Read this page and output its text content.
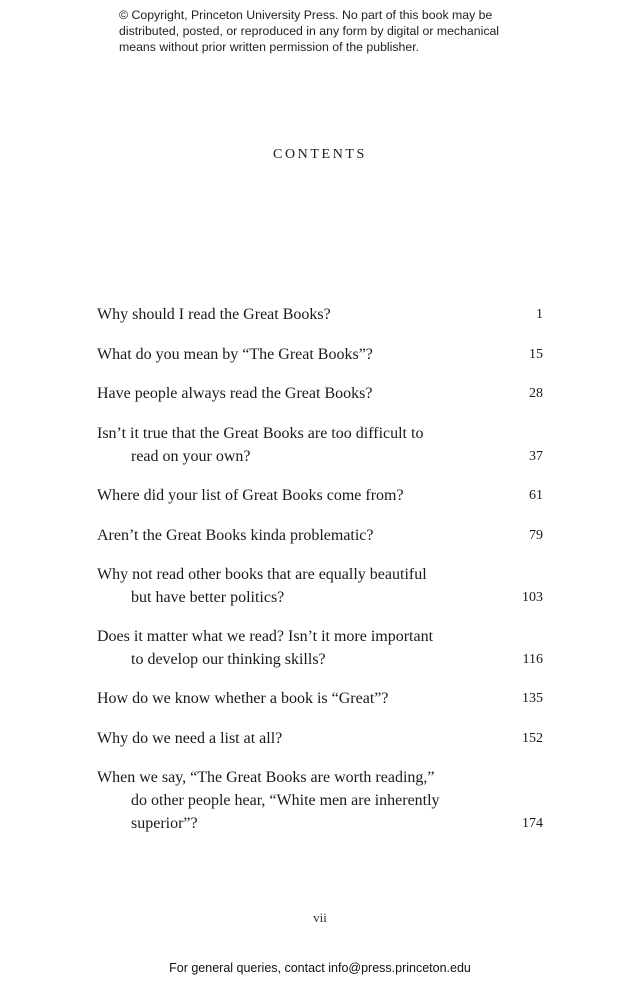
© Copyright, Princeton University Press. No part of this book may be
distributed, posted, or reproduced in any form by digital or mechanical
means without prior written permission of the publisher.
CONTENTS
Why should I read the Great Books?	1
What do you mean by “The Great Books”?	15
Have people always read the Great Books?	28
Isn’t it true that the Great Books are too difficult to
read on your own?	37
Where did your list of Great Books come from?	61
Aren’t the Great Books kinda problematic?	79
Why not read other books that are equally beautiful
but have better politics?	103
Does it matter what we read? Isn’t it more important
to develop our thinking skills?	116
How do we know whether a book is “Great”?	135
Why do we need a list at all?	152
When we say, “The Great Books are worth reading,”
do other people hear, “White men are inherently
superior”?	174
vii
For general queries, contact info@press.princeton.edu
